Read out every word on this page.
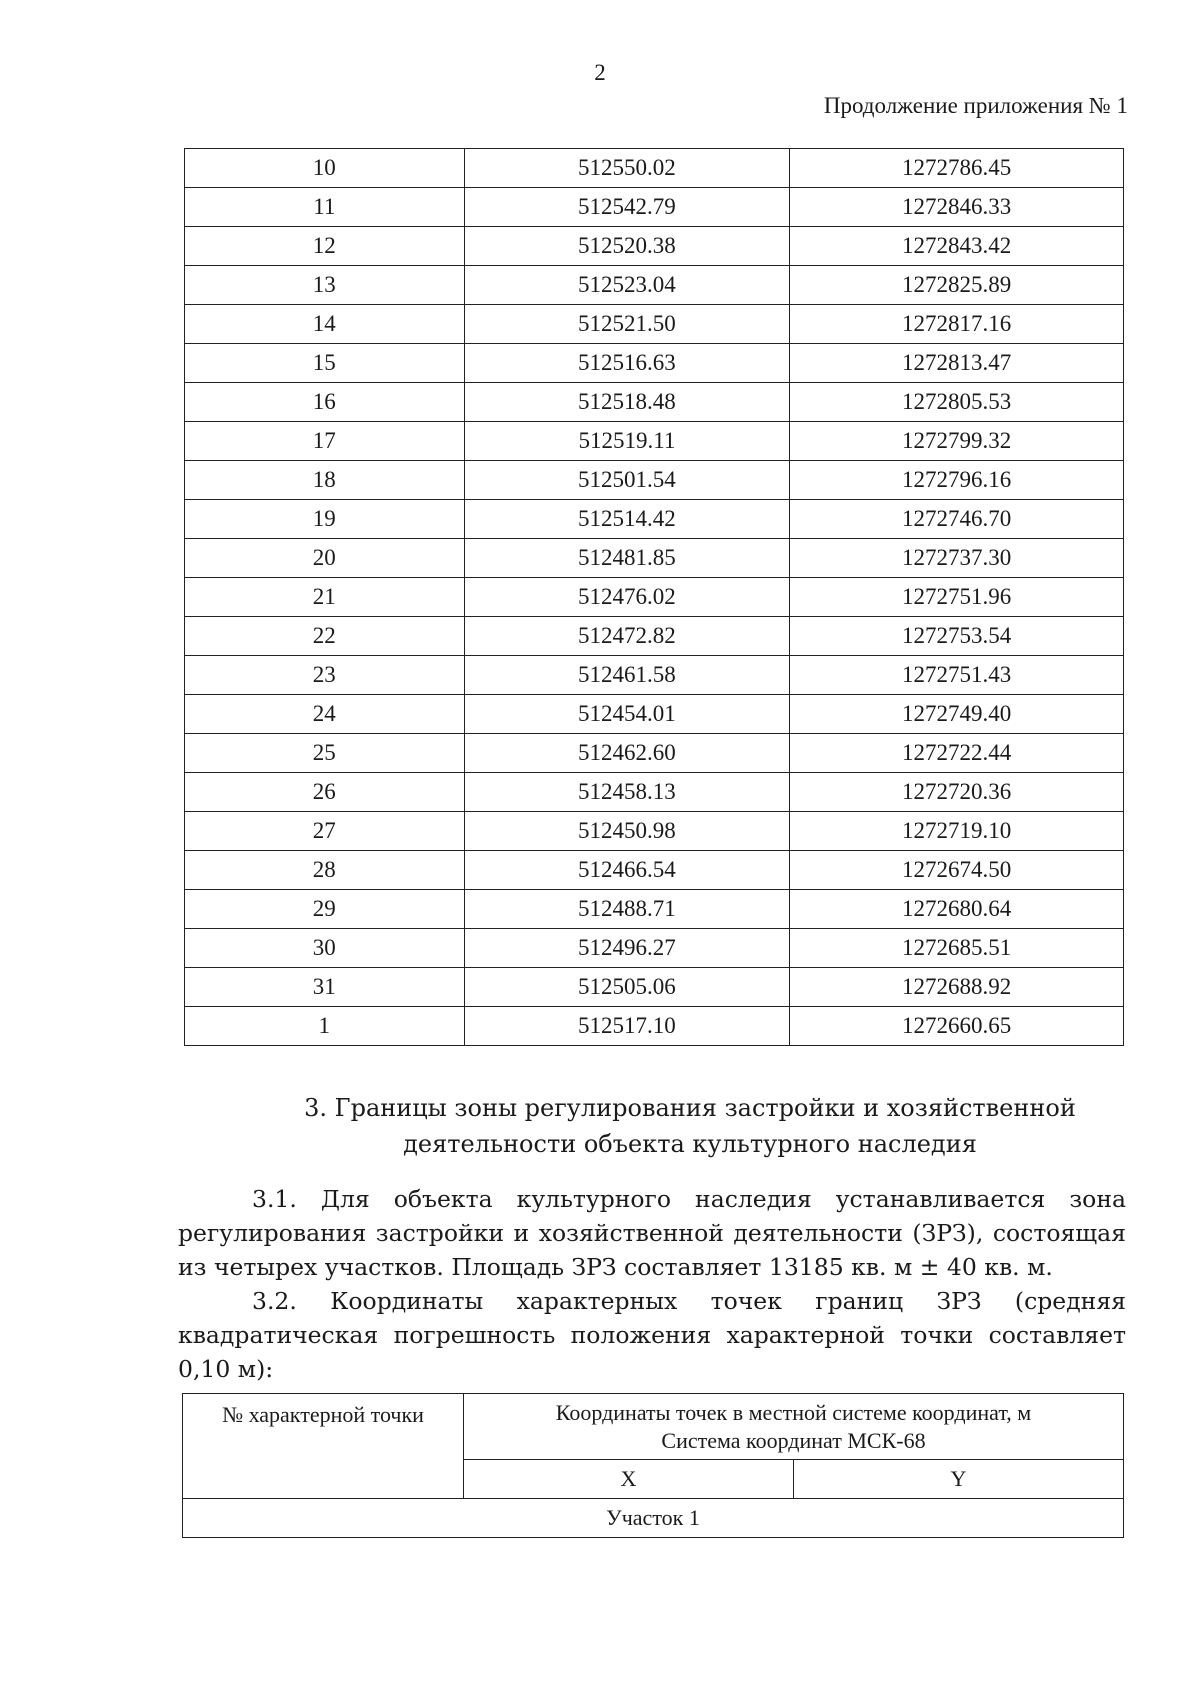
2
Продолжение приложения № 1
10	512550.02	1272786.45
11	512542.79	1272846.33
12	512520.38	1272843.42
13	512523.04	1272825.89
14	512521.50	1272817.16
15	512516.63	1272813.47
16	512518.48	1272805.53
17	512519.11	1272799.32
18	512501.54	1272796.16
19	512514.42	1272746.70
20	512481.85	1272737.30
21	512476.02	1272751.96
22	512472.82	1272753.54
23	512461.58	1272751.43
24	512454.01	1272749.40
25	512462.60	1272722.44
26	512458.13	1272720.36
27	512450.98	1272719.10
28	512466.54	1272674.50
29	512488.71	1272680.64
30	512496.27	1272685.51
31	512505.06	1272688.92
1	512517.10	1272660.65
3. Границы зоны регулирования застройки и хозяйственной
деятельности объекта культурного наследия
3.1. Для объекта культурного наследия устанавливается зона регулирования застройки и хозяйственной деятельности (ЗРЗ), состоящая из четырех участков. Площадь ЗРЗ составляет 13185 кв. м ± 40 кв. м.
3.2. Координаты характерных точек границ ЗРЗ (средняя квадратическая погрешность положения характерной точки составляет 0,10 м):
№ характерной точки	Координаты точек в местной системе координат, м
Система координат МСК-68	

	X	Y
Участок 1		
